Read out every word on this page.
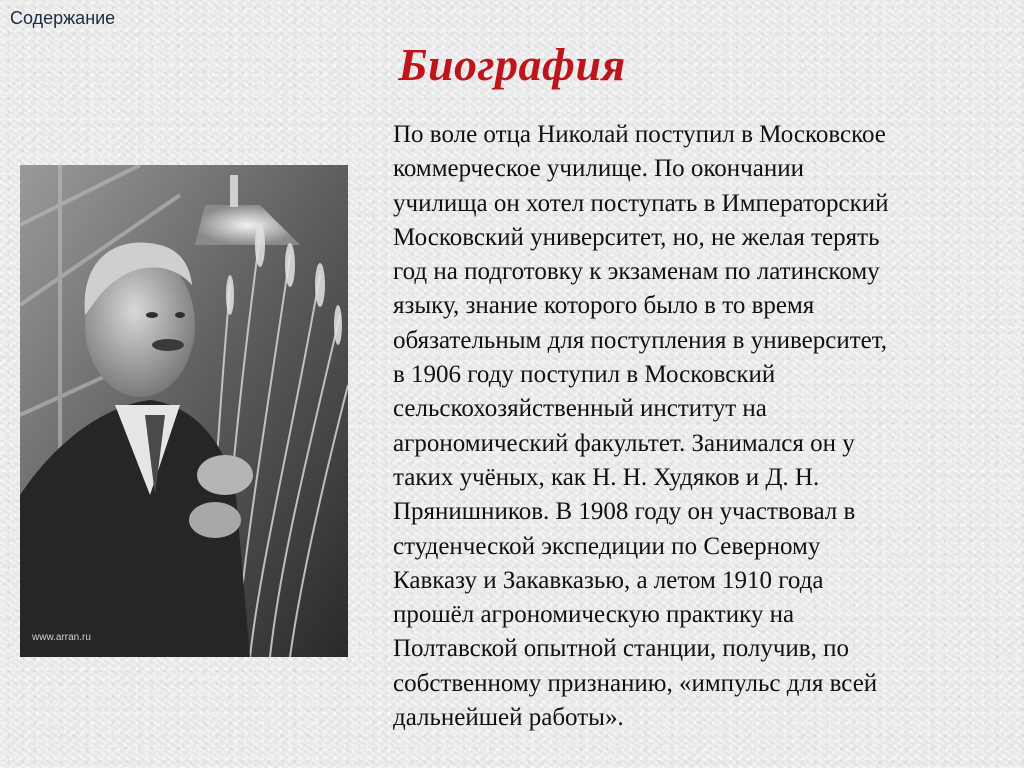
Содержание
Биография
www.arran.ru

По воле отца Николай поступил в Московское
коммерческое училище. По окончании
училища он хотел поступать в Императорский
Московский университет, но, не желая терять
год на подготовку к экзаменам по латинскому
языку, знание которого было в то время
обязательным для поступления в университет,
в 1906 году поступил в Московский
сельскохозяйственный институт на
агрономический факультет. Занимался он у
таких учёных, как Н. Н. Худяков и Д. Н.
Прянишников. В 1908 году он участвовал в
студенческой экспедиции по Северному
Кавказу и Закавказью, а летом 1910 года
прошёл агрономическую практику на
Полтавской опытной станции, получив, по
собственному признанию, «импульс для всей
дальнейшей работы».
